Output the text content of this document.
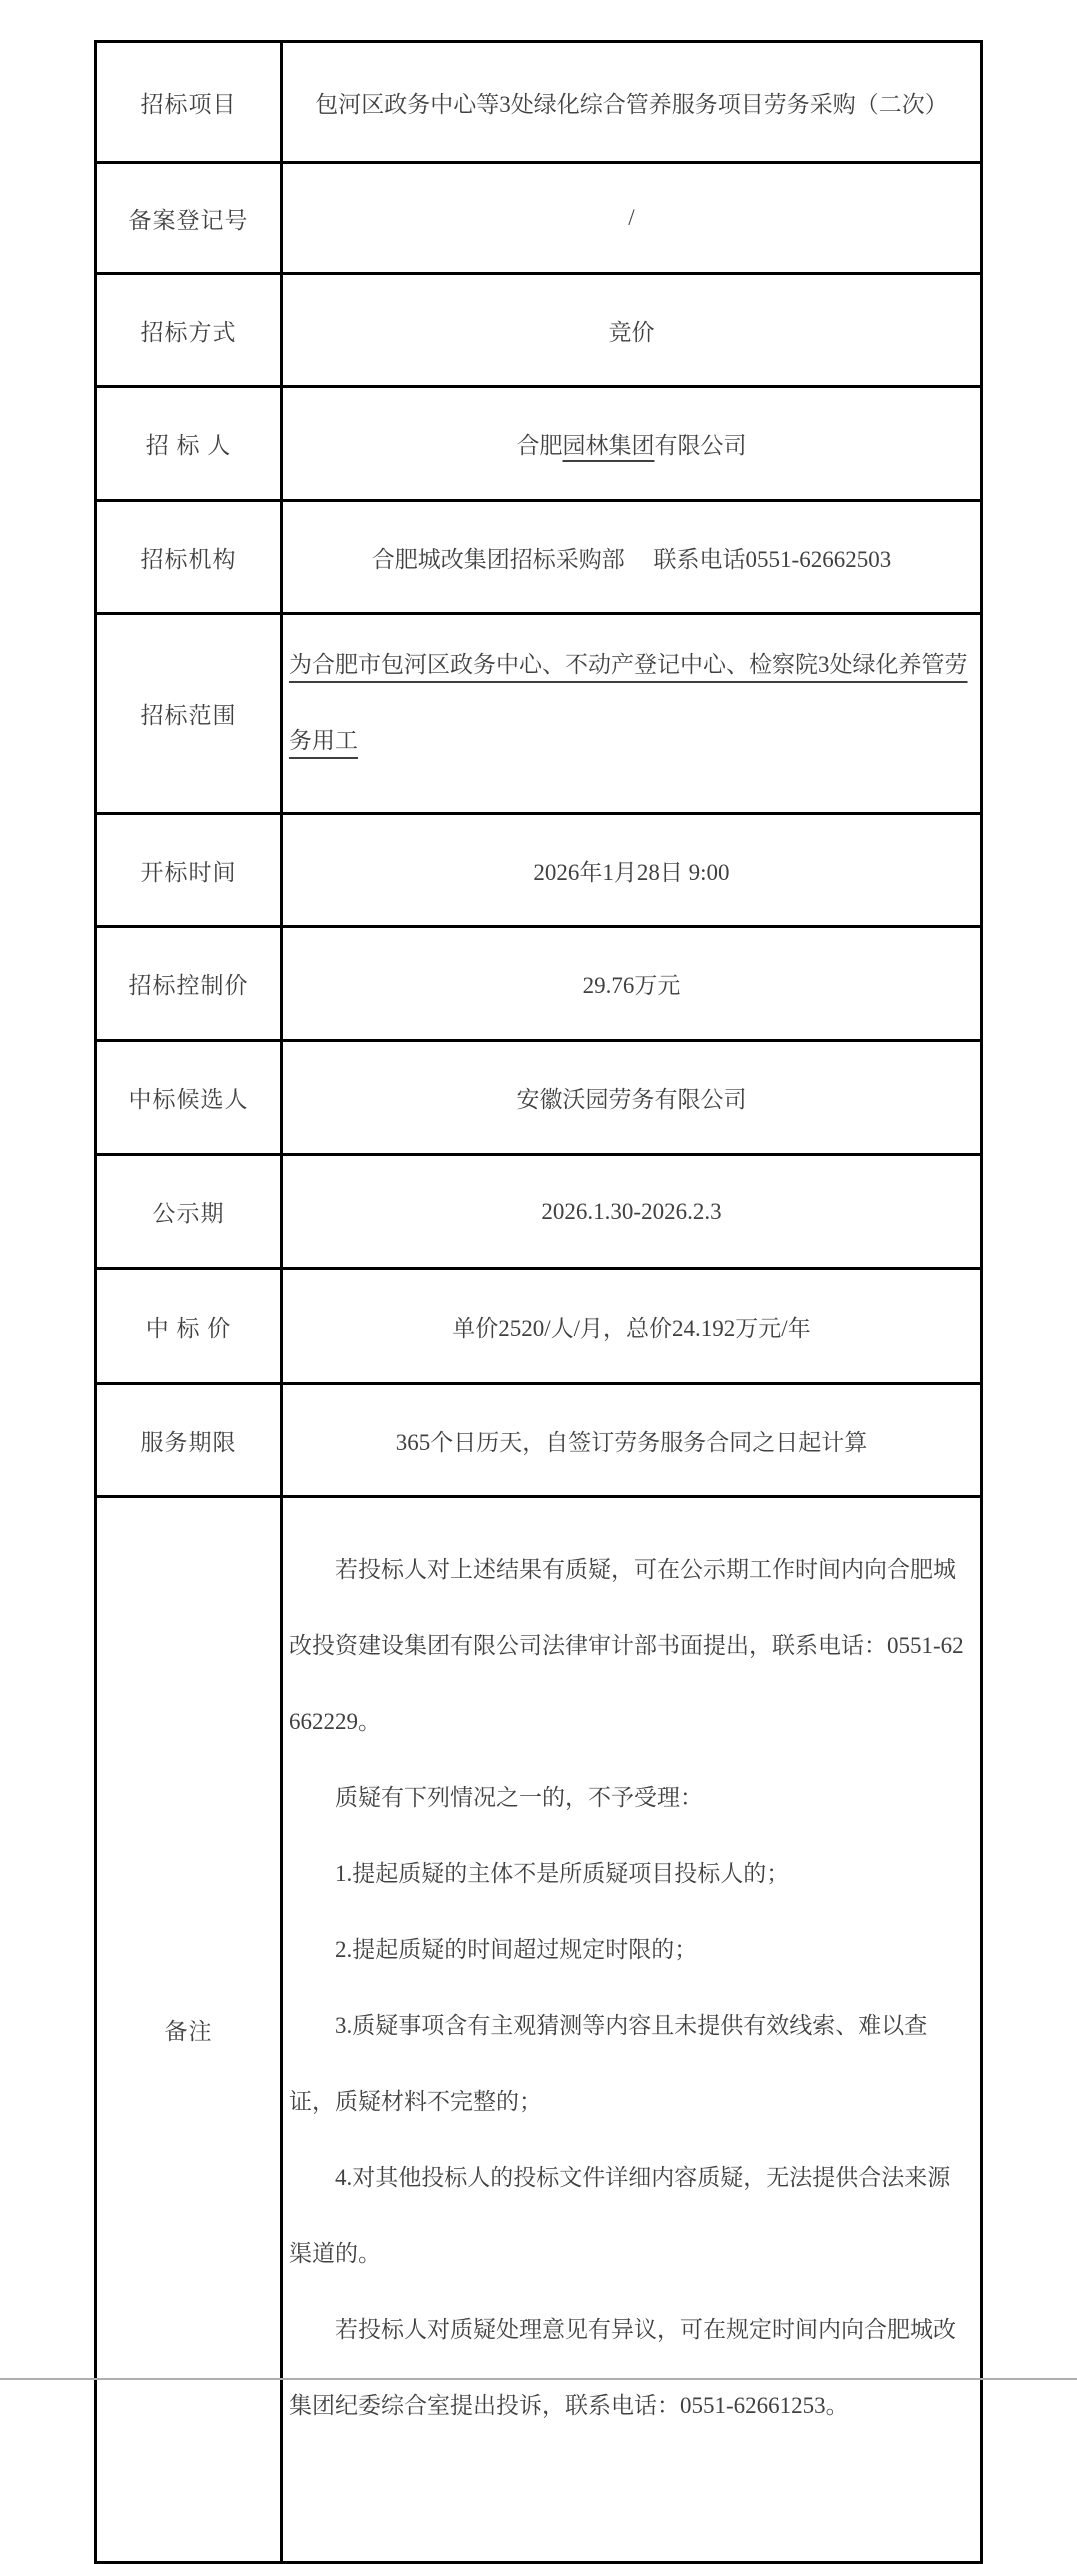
招标项目	包河区政务中心等3处绿化综合管养服务项目劳务采购（二次）
备案登记号	/
招标方式	竞价
招 标 人	合肥园林集团有限公司
招标机构	合肥城改集团招标采购部　 联系电话0551-62662503
招标范围	为合肥市包河区政务中心、不动产登记中心、检察院3处绿化养管劳务用工
开标时间	2026年1月28日 9:00
招标控制价	29.76万元
中标候选人	安徽沃园劳务有限公司
公示期	2026.1.30-2026.2.3
中 标 价	单价2520/人/月，总价24.192万元/年
服务期限	365个日历天，自签订劳务服务合同之日起计算
备注	

若投标人对上述结果有质疑，可在公示期工作时间内向合肥城改投资建设集团有限公司法律审计部书面提出，联系电话：0551-62662229。

质疑有下列情况之一的，不予受理：

1.提起质疑的主体不是所质疑项目投标人的；

2.提起质疑的时间超过规定时限的；

3.质疑事项含有主观猜测等内容且未提供有效线索、难以查证，质疑材料不完整的；

4.对其他投标人的投标文件详细内容质疑，无法提供合法来源渠道的。

若投标人对质疑处理意见有异议，可在规定时间内向合肥城改集团纪委综合室提出投诉，联系电话：0551-62661253。
